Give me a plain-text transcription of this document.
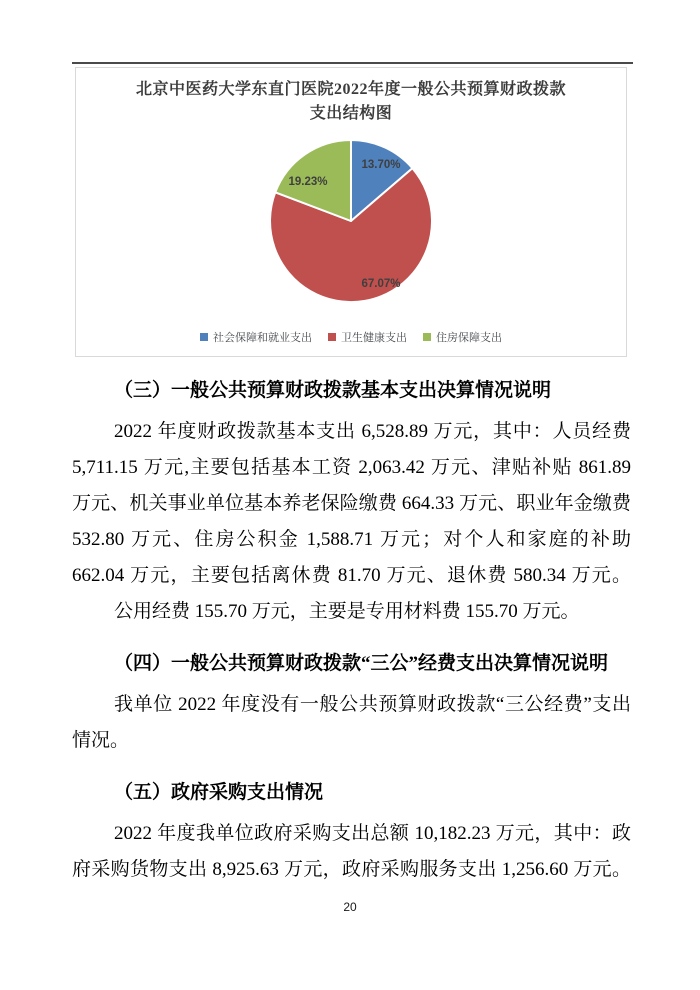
北京中医药大学东直门医院2022年度一般公共预算财政拨款
支出结构图
13.70%
67.07%
19.23%
社会保障和就业支出	卫生健康支出	住房保障支出
（三）一般公共预算财政拨款基本支出决算情况说明
2022 年度财政拨款基本支出 6,528.89 万元，其中：人员经费
5,711.15 万元,主要包括基本工资 2,063.42 万元、津贴补贴 861.89
万元、机关事业单位基本养老保险缴费 664.33 万元、职业年金缴费
532.80 万元、住房公积金 1,588.71 万元；对个人和家庭的补助
662.04 万元，主要包括离休费 81.70 万元、退休费 580.34 万元。
公用经费 155.70 万元，主要是专用材料费 155.70 万元。
（四）一般公共预算财政拨款“三公”经费支出决算情况说明
我单位 2022 年度没有一般公共预算财政拨款“三公经费”支出
情况。
（五）政府采购支出情况
2022 年度我单位政府采购支出总额 10,182.23 万元，其中：政
府采购货物支出 8,925.63 万元，政府采购服务支出 1,256.60 万元。
20
